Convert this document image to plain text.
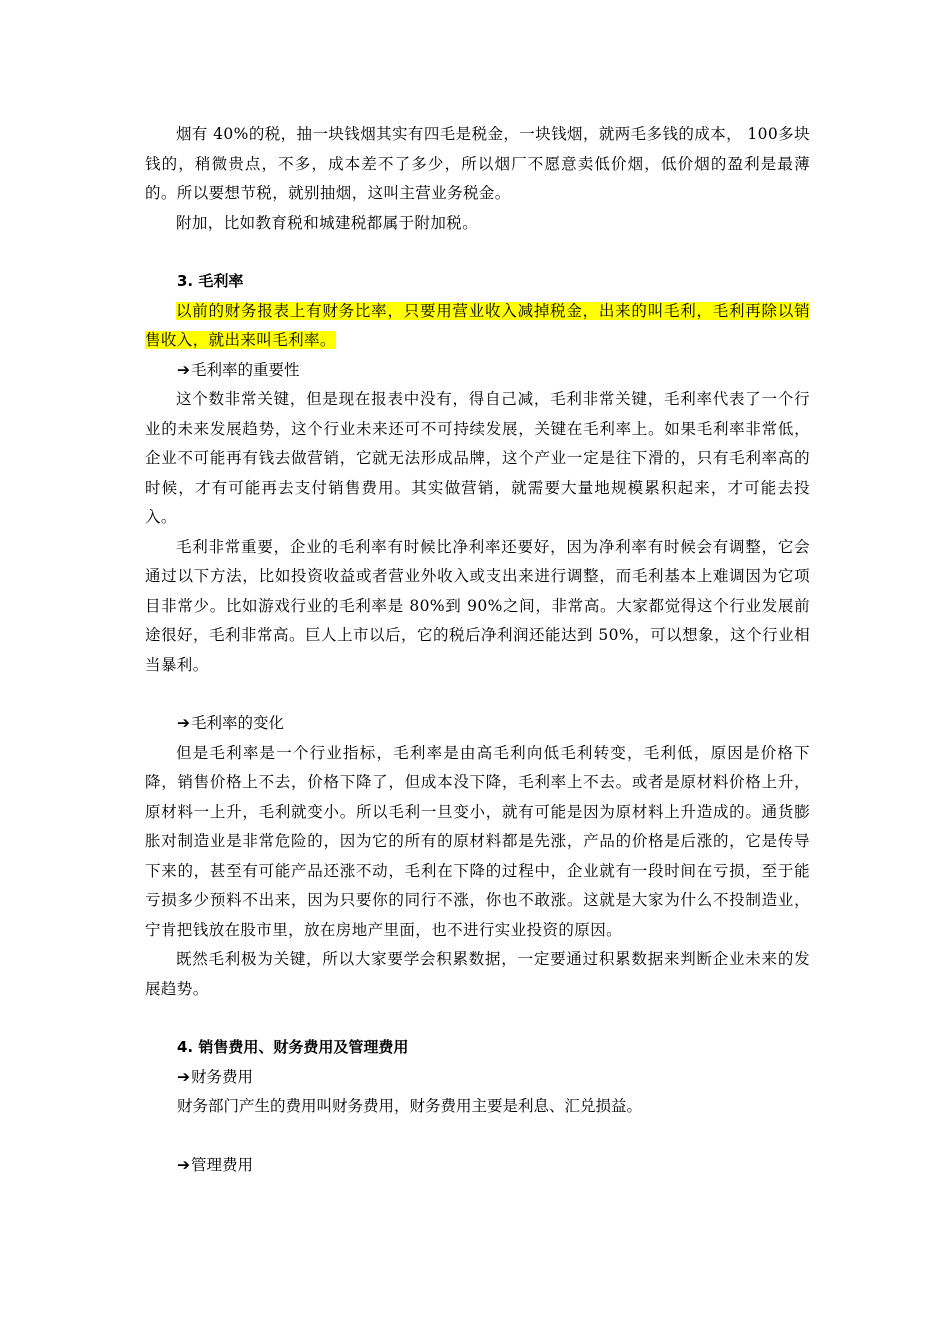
烟有 40%的税，抽一块钱烟其实有四毛是税金，一块钱烟，就两毛多钱的成本， 100多块钱的，稍微贵点，不多，成本差不了多少，所以烟厂不愿意卖低价烟，低价烟的盈利是最薄的。所以要想节税，就别抽烟，这叫主营业务税金。

附加，比如教育税和城建税都属于附加税。

3. 毛利率

以前的财务报表上有财务比率，只要用营业收入减掉税金，出来的叫毛利，毛利再除以销售收入，就出来叫毛利率。

➔毛利率的重要性

这个数非常关键，但是现在报表中没有，得自己减，毛利非常关键，毛利率代表了一个行业的未来发展趋势，这个行业未来还可不可持续发展，关键在毛利率上。如果毛利率非常低，企业不可能再有钱去做营销，它就无法形成品牌，这个产业一定是往下滑的，只有毛利率高的时候，才有可能再去支付销售费用。其实做营销，就需要大量地规模累积起来，才可能去投入。

毛利非常重要，企业的毛利率有时候比净利率还要好，因为净利率有时候会有调整，它会通过以下方法，比如投资收益或者营业外收入或支出来进行调整，而毛利基本上难调因为它项目非常少。比如游戏行业的毛利率是 80%到 90%之间，非常高。大家都觉得这个行业发展前途很好，毛利非常高。巨人上市以后，它的税后净利润还能达到 50%，可以想象，这个行业相当暴利。

➔毛利率的变化

但是毛利率是一个行业指标，毛利率是由高毛利向低毛利转变，毛利低，原因是价格下降，销售价格上不去，价格下降了，但成本没下降，毛利率上不去。或者是原材料价格上升，原材料一上升，毛利就变小。所以毛利一旦变小，就有可能是因为原材料上升造成的。通货膨胀对制造业是非常危险的，因为它的所有的原材料都是先涨，产品的价格是后涨的，它是传导下来的，甚至有可能产品还涨不动，毛利在下降的过程中，企业就有一段时间在亏损，至于能亏损多少预料不出来，因为只要你的同行不涨，你也不敢涨。这就是大家为什么不投制造业，宁肯把钱放在股市里，放在房地产里面，也不进行实业投资的原因。

既然毛利极为关键，所以大家要学会积累数据，一定要通过积累数据来判断企业未来的发展趋势。

4. 销售费用、财务费用及管理费用

➔财务费用

财务部门产生的费用叫财务费用，财务费用主要是利息、汇兑损益。

➔管理费用
